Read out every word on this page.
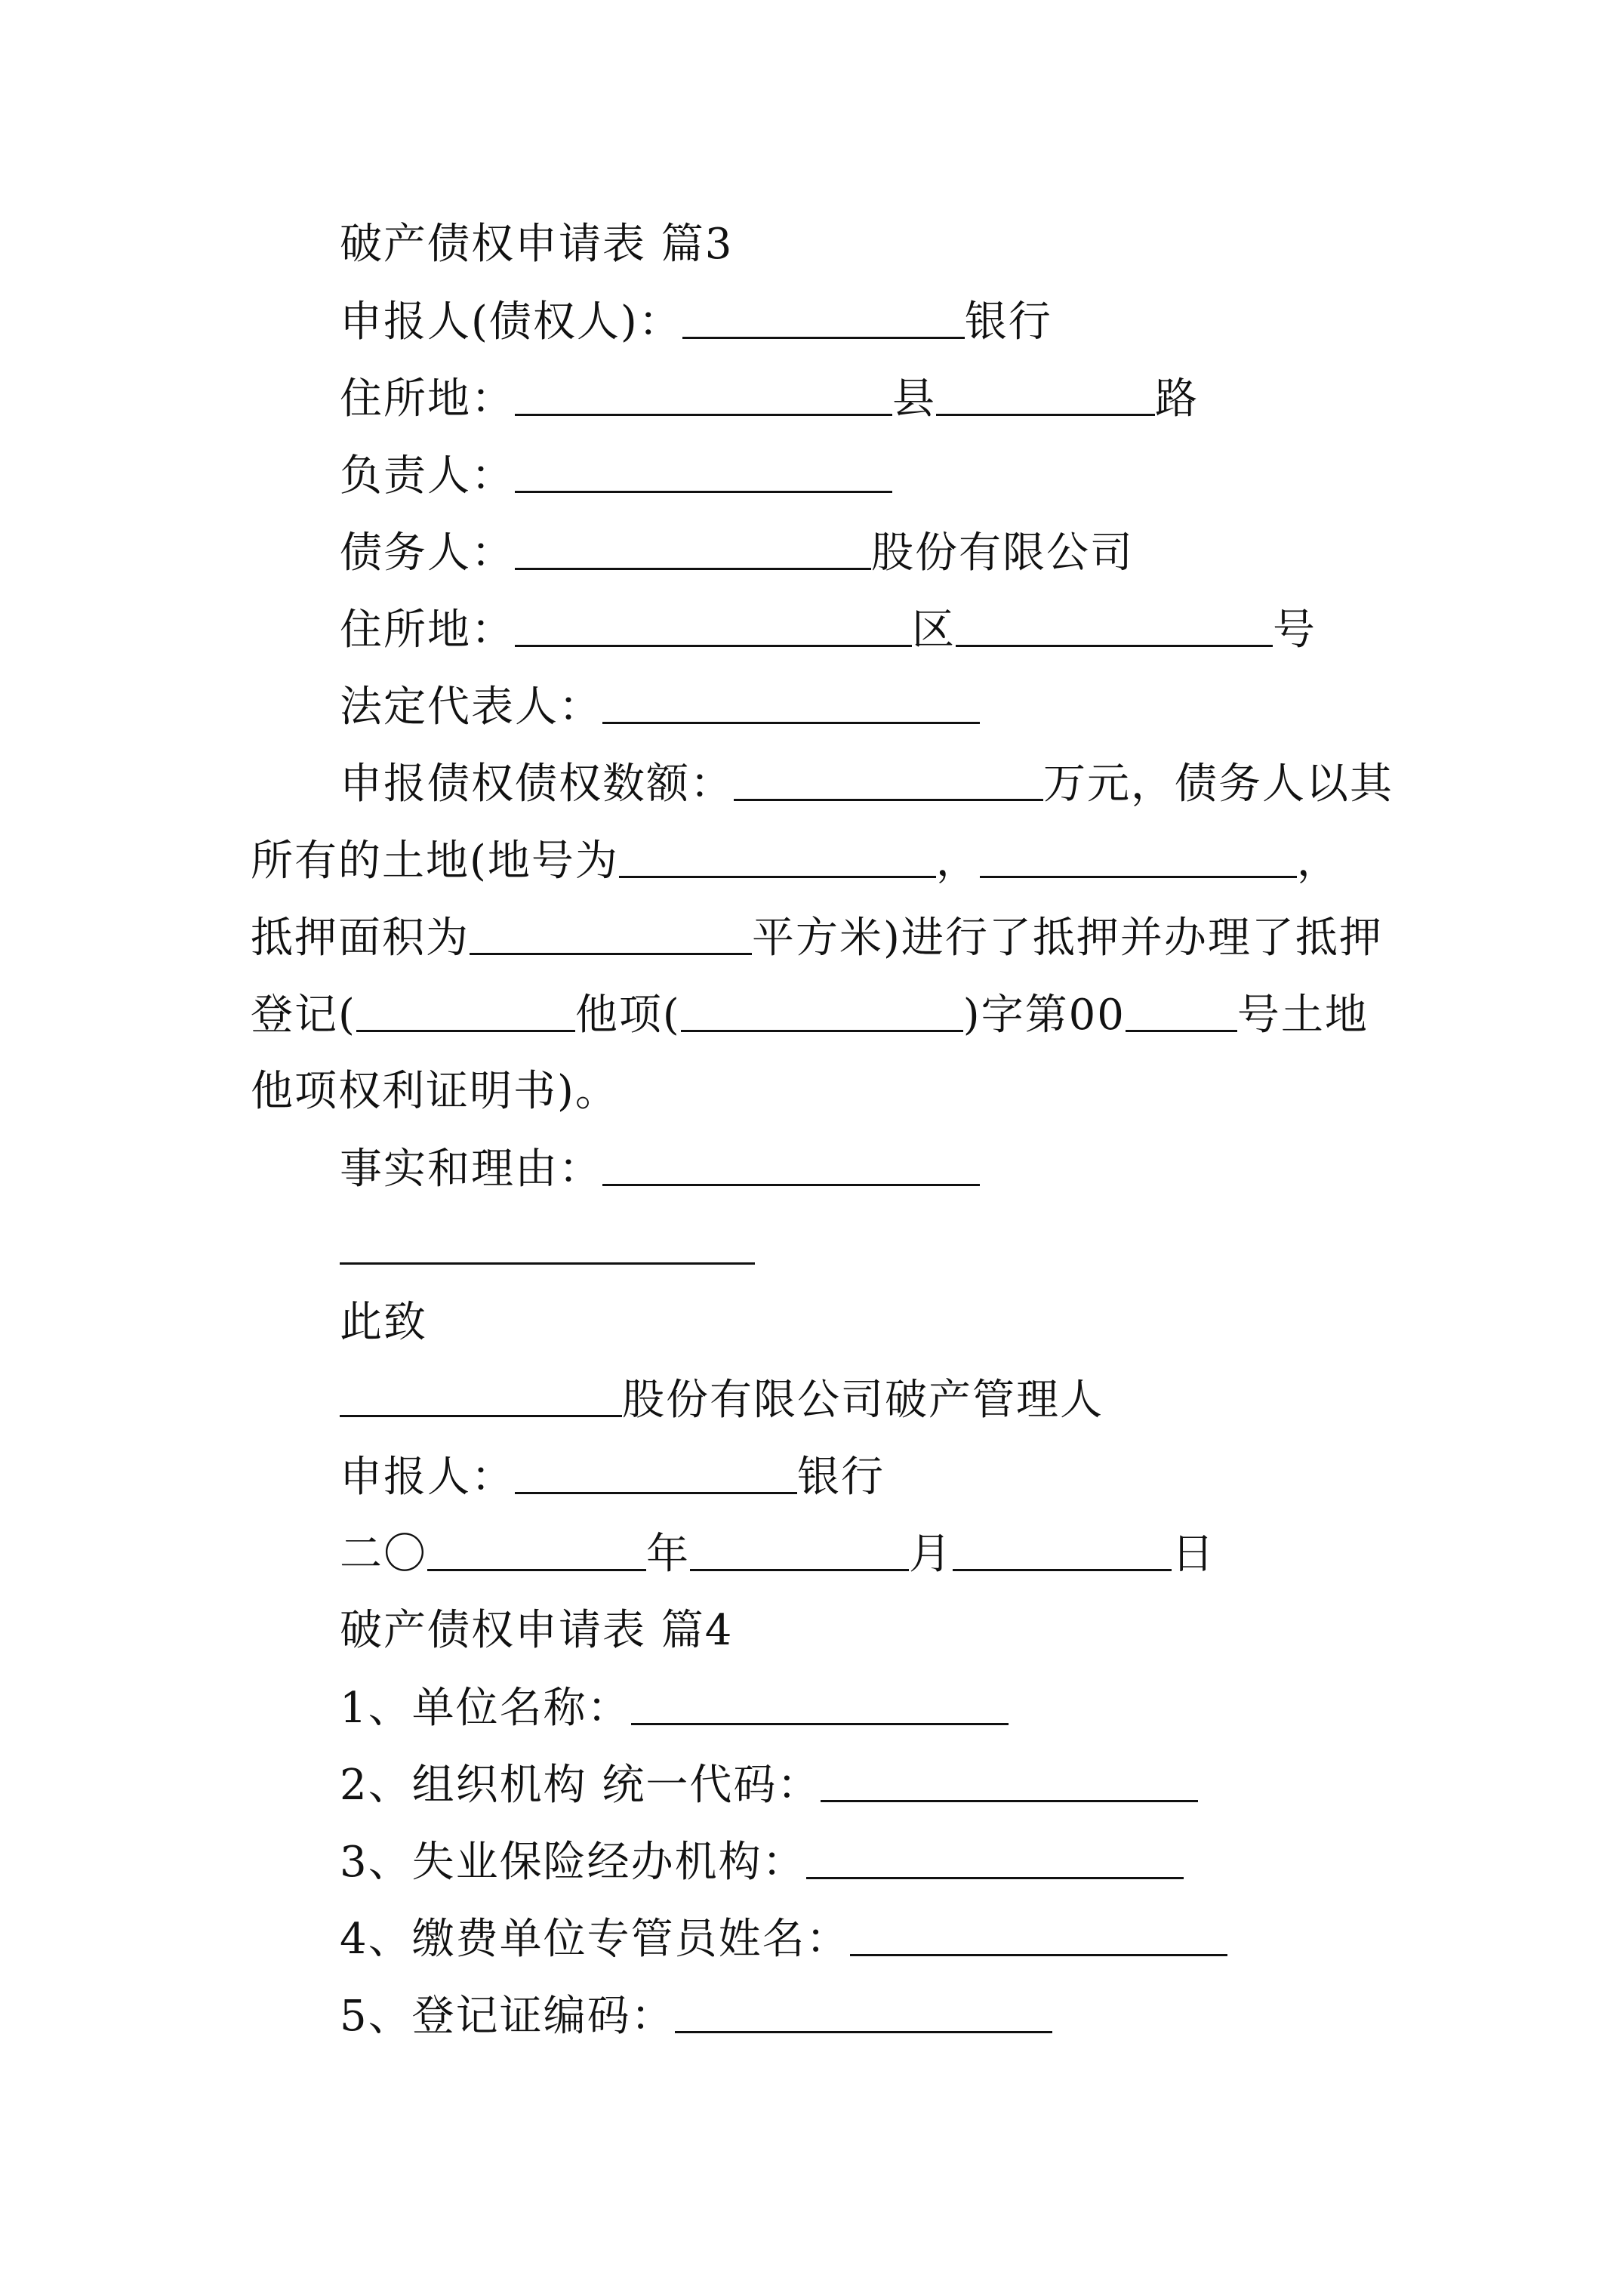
破产债权申请表 篇3
申报人(债权人)：	银行
住所地：	县	路
负责人：
债务人：	股份有限公司
住所地：	区	号
法定代表人：
申报债权债权数额：	万元，债务人以其
所有的土地(地号为	，	，
抵押面积为	平方米)进行了抵押并办理了抵押
登记(	他项(	)字第00	号土地
他项权利证明书)。
事实和理由：
此致
股份有限公司破产管理人
申报人：	银行
二〇	年	月	日
破产债权申请表 篇4
1、单位名称：
2、组织机构 统一代码：
3、失业保险经办机构：
4、缴费单位专管员姓名：
5、登记证编码：
